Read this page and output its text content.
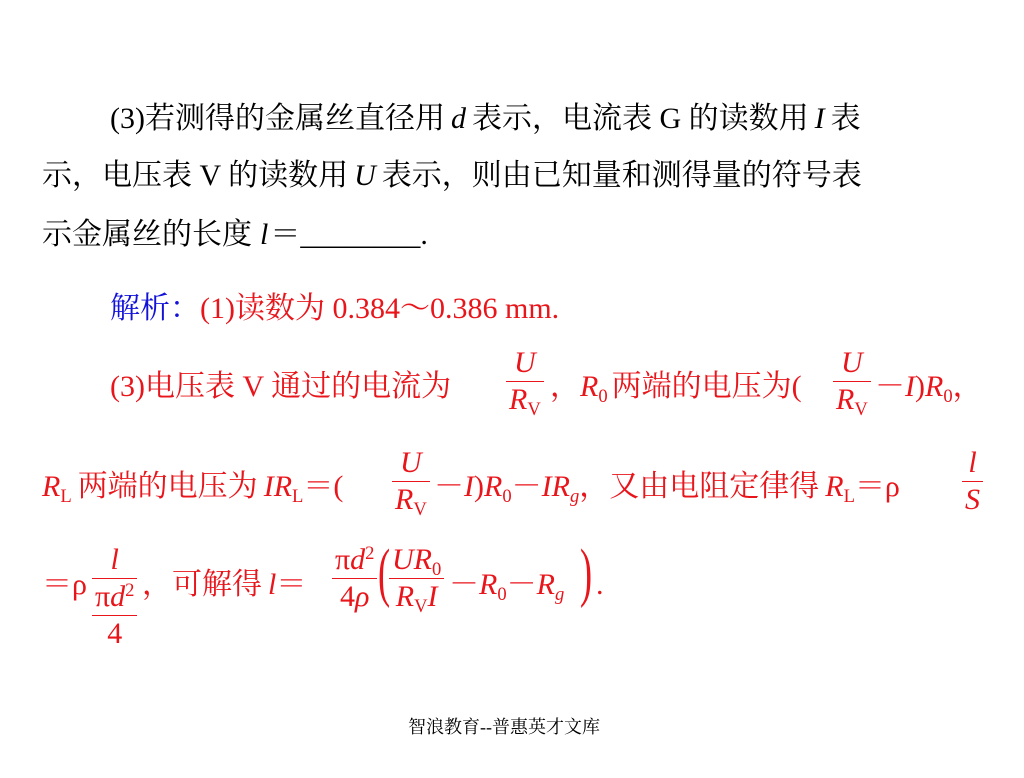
(3)若测得的金属丝直径用 d 表示，电流表 G 的读数用 I 表
示，电压表 V 的读数用 U 表示，则由已知量和测得量的符号表
示金属丝的长度 l＝________.
解析：(1)读数为 0.384～0.386 mm.
(3)电压表 V 通过的电流为
U
$R_V$
，$R_0$ 两端的电压为(
U
$R_V$
$-I)R_0$，
$R_L$ 两端的电压为 $IR_L=$(
U
$R_V$
$-I)R_0-IR_g$，又由电阻定律得 $R_L=\rho$
l
S
＝ρ
l
$\pi d^2$
4
，可解得 l＝
$\pi d^2$
4ρ ( $UR_0$
$R_VI -R_0-R_g$ ) .
智浪教育--普惠英才文库
